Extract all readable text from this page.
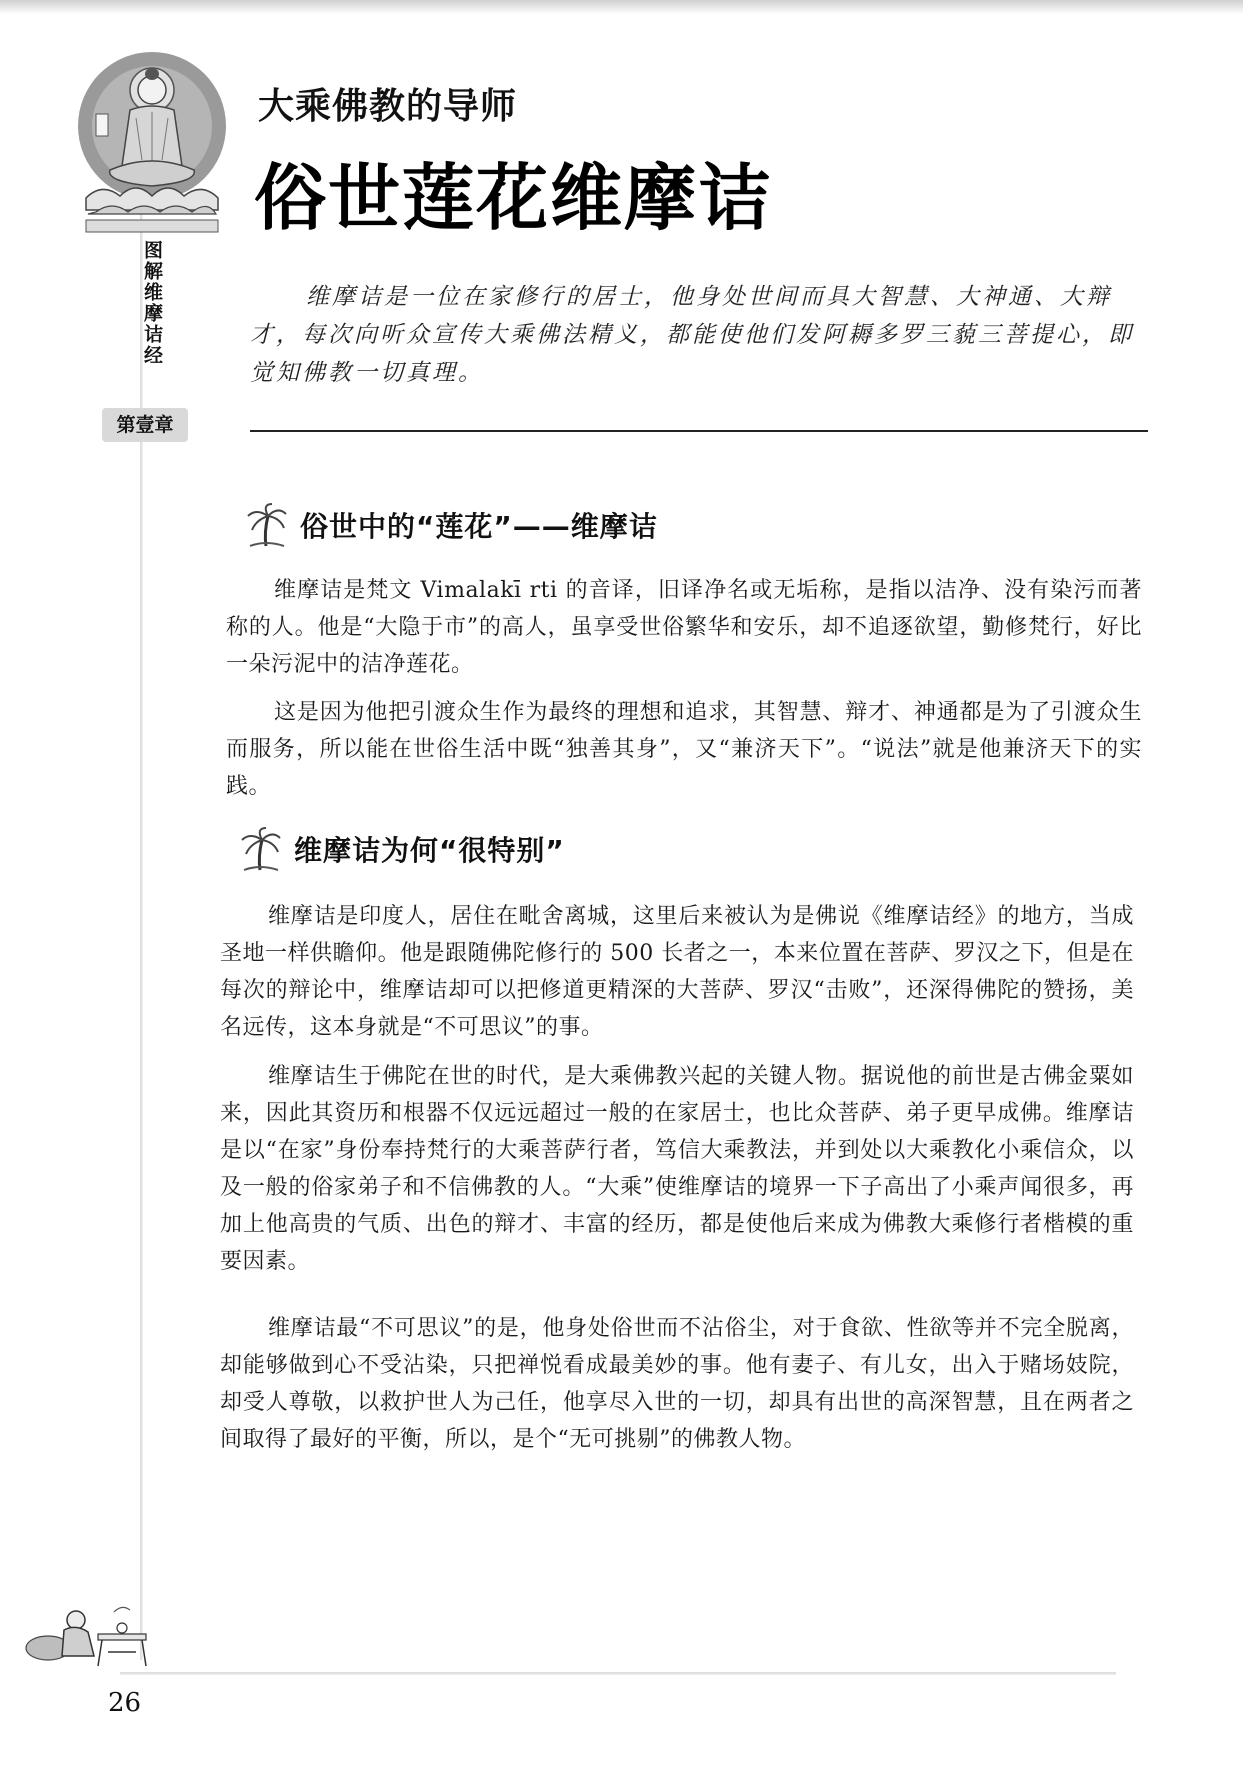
图解维摩诘经
第壹章
大乘佛教的导师
俗世莲花维摩诘

维摩诘是一位在家修行的居士，他身处世间而具大智慧、大神通、大辩才，每次向听众宣传大乘佛法精义，都能使他们发阿耨多罗三藐三菩提心，即觉知佛教一切真理。

俗世中的“莲花”——维摩诘

维摩诘是梵文 Vimalakī rti 的音译，旧译净名或无垢称，是指以洁净、没有染污而著称的人。他是“大隐于市”的高人，虽享受世俗繁华和安乐，却不追逐欲望，勤修梵行，好比一朵污泥中的洁净莲花。

这是因为他把引渡众生作为最终的理想和追求，其智慧、辩才、神通都是为了引渡众生而服务，所以能在世俗生活中既“独善其身”，又“兼济天下”。“说法”就是他兼济天下的实践。

维摩诘为何“很特别”

维摩诘是印度人，居住在毗舍离城，这里后来被认为是佛说《维摩诘经》的地方，当成圣地一样供瞻仰。他是跟随佛陀修行的 500 长者之一，本来位置在菩萨、罗汉之下，但是在每次的辩论中，维摩诘却可以把修道更精深的大菩萨、罗汉“击败”，还深得佛陀的赞扬，美名远传，这本身就是“不可思议”的事。

维摩诘生于佛陀在世的时代，是大乘佛教兴起的关键人物。据说他的前世是古佛金粟如来，因此其资历和根器不仅远远超过一般的在家居士，也比众菩萨、弟子更早成佛。维摩诘是以“在家”身份奉持梵行的大乘菩萨行者，笃信大乘教法，并到处以大乘教化小乘信众，以及一般的俗家弟子和不信佛教的人。“大乘”使维摩诘的境界一下子高出了小乘声闻很多，再加上他高贵的气质、出色的辩才、丰富的经历，都是使他后来成为佛教大乘修行者楷模的重要因素。

维摩诘最“不可思议”的是，他身处俗世而不沾俗尘，对于食欲、性欲等并不完全脱离，却能够做到心不受沾染，只把禅悦看成最美妙的事。他有妻子、有儿女，出入于赌场妓院，却受人尊敬，以救护世人为己任，他享尽入世的一切，却具有出世的高深智慧，且在两者之间取得了最好的平衡，所以，是个“无可挑剔”的佛教人物。

26
